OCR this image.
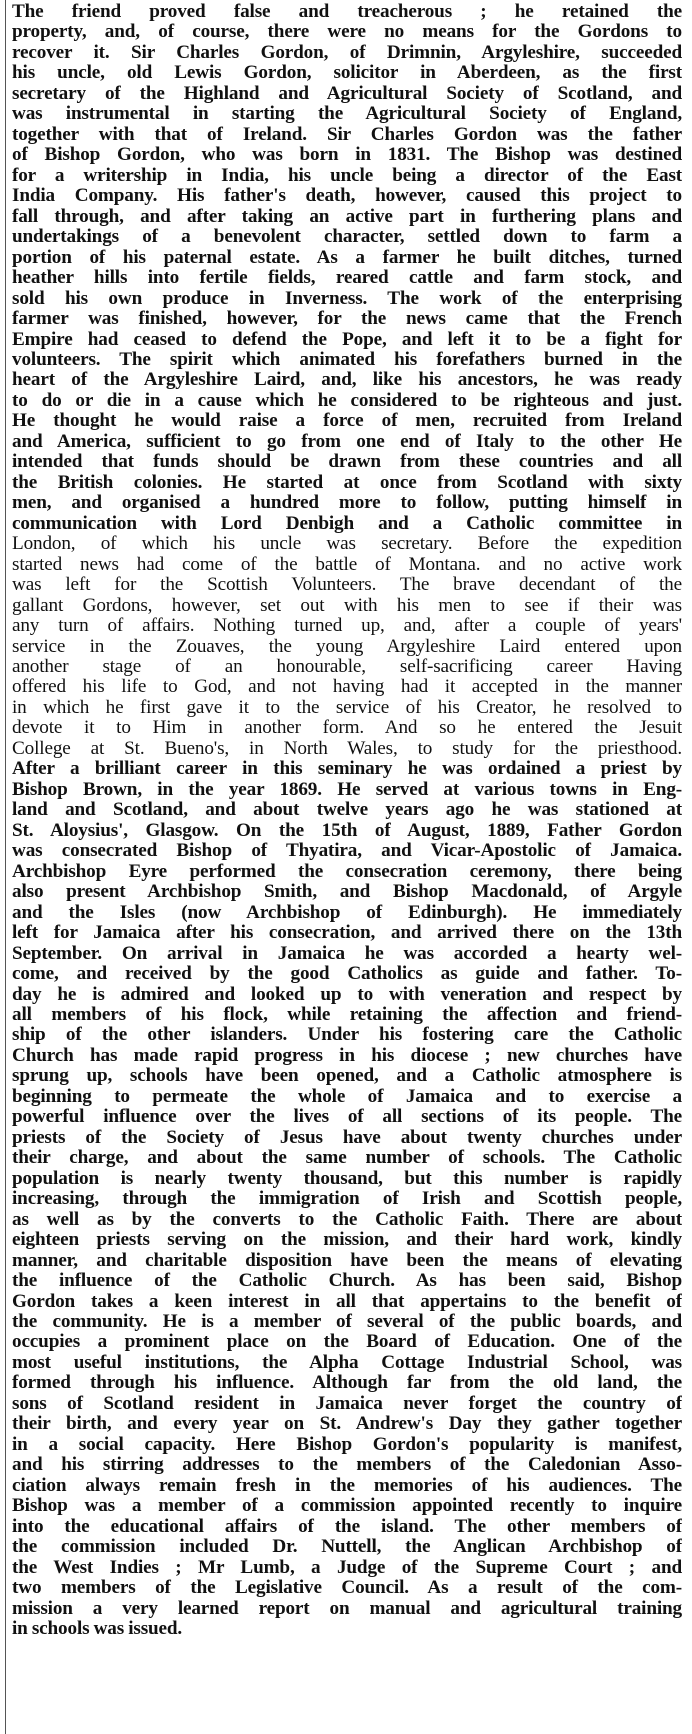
The friend proved false and treacherous ; he retained the
property, and, of course, there were no means for the Gordons to
recover it. Sir Charles Gordon, of Drimnin, Argyleshire, succeeded
his uncle, old Lewis Gordon, solicitor in Aberdeen, as the first
secretary of the Highland and Agricultural Society of Scotland, and
was instrumental in starting the Agricultural Society of England,
together with that of Ireland. Sir Charles Gordon was the father
of Bishop Gordon, who was born in 1831. The Bishop was destined
for a writership in India, his uncle being a director of the East
India Company. His father's death, however, caused this project to
fall through, and after taking an active part in furthering plans and
undertakings of a benevolent character, settled down to farm a
portion of his paternal estate. As a farmer he built ditches, turned
heather hills into fertile fields, reared cattle and farm stock, and
sold his own produce in Inverness. The work of the enterprising
farmer was finished, however, for the news came that the French
Empire had ceased to defend the Pope, and left it to be a fight for
volunteers. The spirit which animated his forefathers burned in the
heart of the Argyleshire Laird, and, like his ancestors, he was ready
to do or die in a cause which he considered to be righteous and just.
He thought he would raise a force of men, recruited from Ireland
and America, sufficient to go from one end of Italy to the other He
intended that funds should be drawn from these countries and all
the British colonies. He started at once from Scotland with sixty
men, and organised a hundred more to follow, putting himself in
communication with Lord Denbigh and a Catholic committee in
London, of which his uncle was secretary. Before the expedition
started news had come of the battle of Montana. and no active work
was left for the Scottish Volunteers. The brave decendant of the
gallant Gordons, however, set out with his men to see if their was
any turn of affairs. Nothing turned up, and, after a couple of years'
service in the Zouaves, the young Argyleshire Laird entered upon
another stage of an honourable, self-sacrificing career Having
offered his life to God, and not having had it accepted in the manner
in which he first gave it to the service of his Creator, he resolved to
devote it to Him in another form. And so he entered the Jesuit
College at St. Bueno's, in North Wales, to study for the priesthood.
After a brilliant career in this seminary he was ordained a priest by
Bishop Brown, in the year 1869. He served at various towns in Eng-
land and Scotland, and about twelve years ago he was stationed at
St. Aloysius', Glasgow. On the 15th of August, 1889, Father Gordon
was consecrated Bishop of Thyatira, and Vicar-Apostolic of Jamaica.
Archbishop Eyre performed the consecration ceremony, there being
also present Archbishop Smith, and Bishop Macdonald, of Argyle
and the Isles (now Archbishop of Edinburgh). He immediately
left for Jamaica after his consecration, and arrived there on the 13th
September. On arrival in Jamaica he was accorded a hearty wel-
come, and received by the good Catholics as guide and father. To-
day he is admired and looked up to with veneration and respect by
all members of his flock, while retaining the affection and friend-
ship of the other islanders. Under his fostering care the Catholic
Church has made rapid progress in his diocese ; new churches have
sprung up, schools have been opened, and a Catholic atmosphere is
beginning to permeate the whole of Jamaica and to exercise a
powerful influence over the lives of all sections of its people. The
priests of the Society of Jesus have about twenty churches under
their charge, and about the same number of schools. The Catholic
population is nearly twenty thousand, but this number is rapidly
increasing, through the immigration of Irish and Scottish people,
as well as by the converts to the Catholic Faith. There are about
eighteen priests serving on the mission, and their hard work, kindly
manner, and charitable disposition have been the means of elevating
the influence of the Catholic Church. As has been said, Bishop
Gordon takes a keen interest in all that appertains to the benefit of
the community. He is a member of several of the public boards, and
occupies a prominent place on the Board of Education. One of the
most useful institutions, the Alpha Cottage Industrial School, was
formed through his influence. Although far from the old land, the
sons of Scotland resident in Jamaica never forget the country of
their birth, and every year on St. Andrew's Day they gather together
in a social capacity. Here Bishop Gordon's popularity is manifest,
and his stirring addresses to the members of the Caledonian Asso-
ciation always remain fresh in the memories of his audiences. The
Bishop was a member of a commission appointed recently to inquire
into the educational affairs of the island. The other members of
the commission included Dr. Nuttell, the Anglican Archbishop of
the West Indies ; Mr Lumb, a Judge of the Supreme Court ; and
two members of the Legislative Council. As a result of the com-
mission a very learned report on manual and agricultural training
in schools was issued.
